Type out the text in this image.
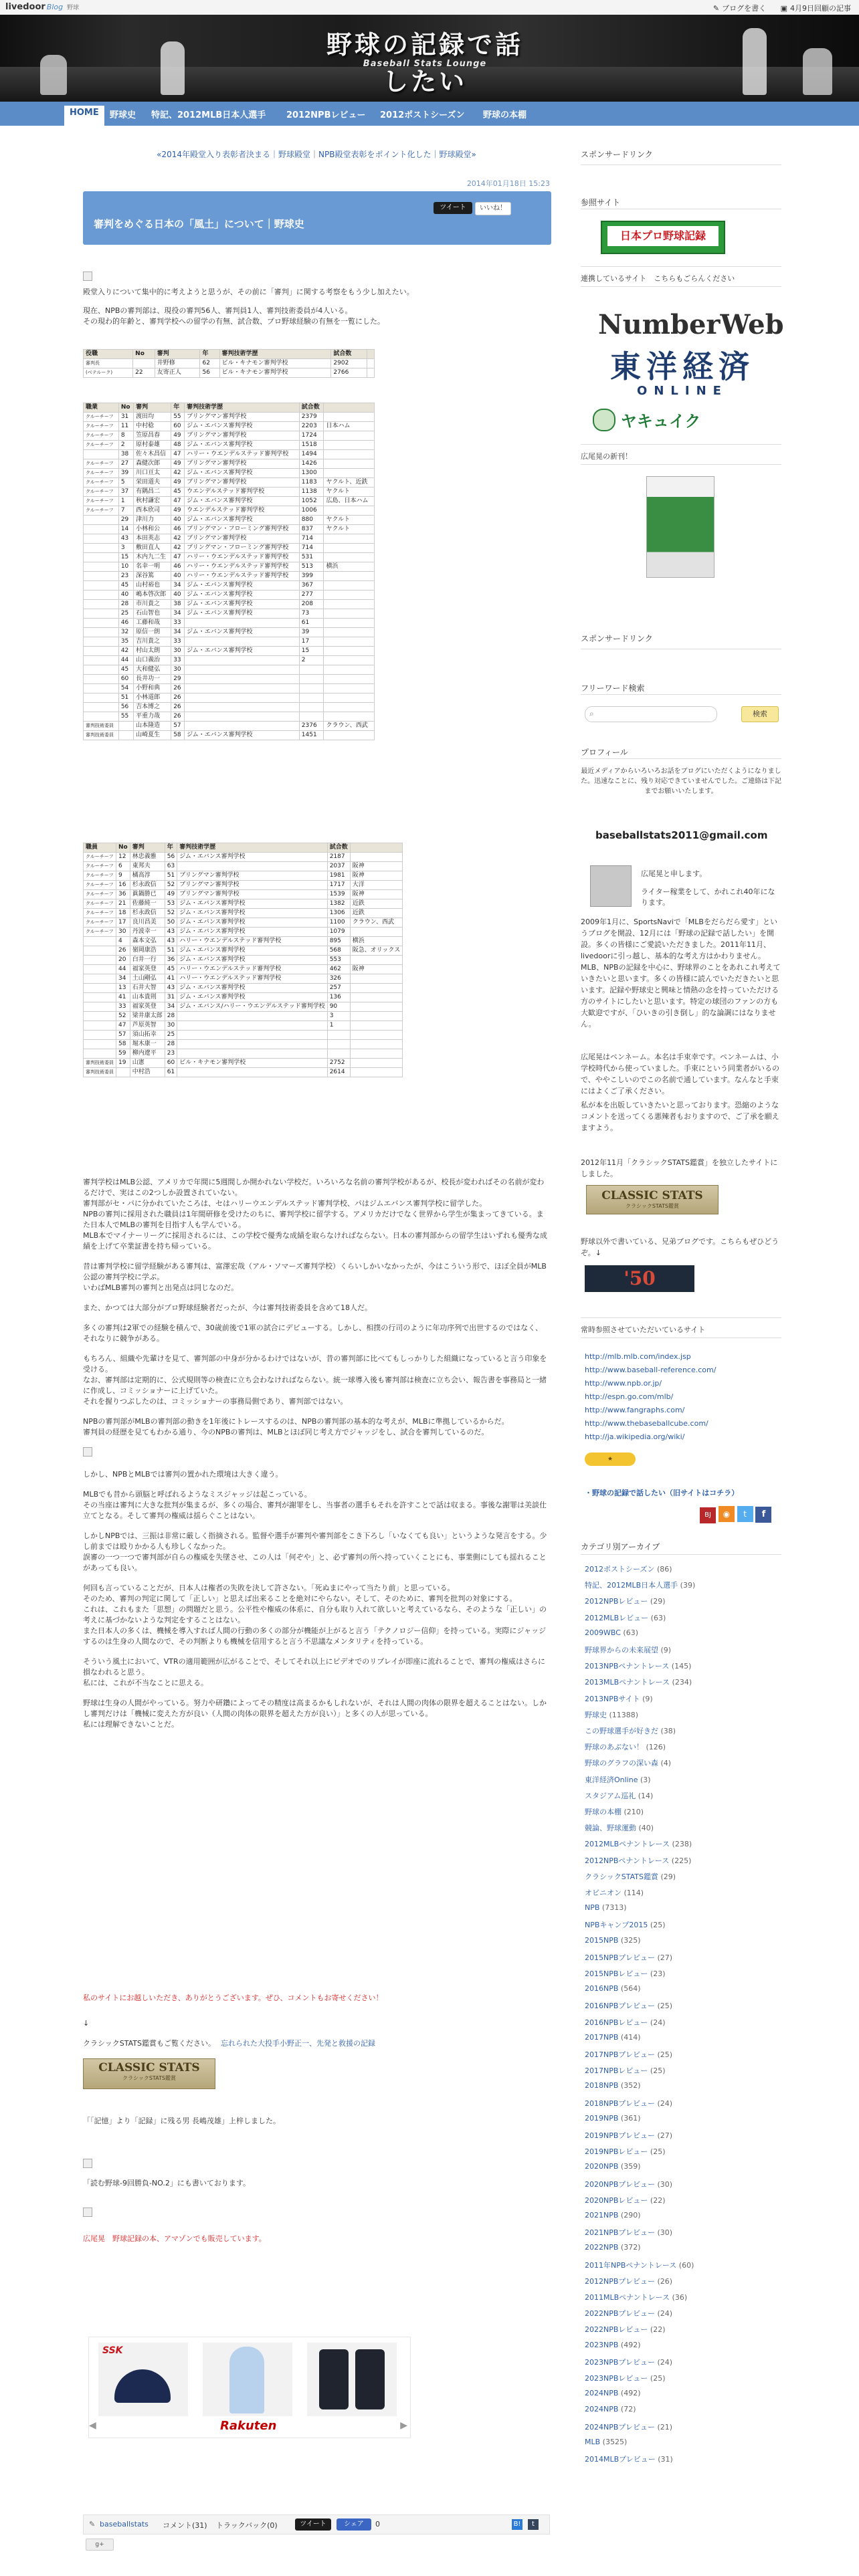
livedoor Blog 野球	✎ ブログを書く ▣ 4月9日回顧の記事
野球の記録で話したい
Baseball Stats Lounge
HOME	野球史 特記、2012MLB日本人選手 2012NPBレビュー 2012ポストシーズン 野球の本棚
«2014年殿堂入り表彰者決まる｜野球殿堂｜NPB殿堂表彰をポイント化した｜野球殿堂»
2014年01月18日 15:23
審判をめぐる日本の「風土」について｜野球史
ツイート	いいね！
殿堂入りについて集中的に考えようと思うが、その前に「審判」に関する考察をもう少し加えたい。
現在、NPBの審判部は、現役の審判56人、審判員1人、審判技術委員が4人いる。
その現わ的年齢と、審判学校への留学の有無、試合数、プロ野球経験の有無を一覧にした。
役職	No	審判	年	審判技術学歴	試合数	
審判長		井野修	62	ビル・キナモン審判学校	2902	
(ベテルーク)	22	友寄正人	56	ビル・キナモン審判学校	2766	
職業	No	審判	年	審判技術学歴	試合数	
クルーチーフ	31	渡田均	55	ブリングマン審判学校	2379	
クルーチーフ	11	中村稔	60	ジム・エバンス審判学校	2203	日本ハム
クルーチーフ	8	笠原昌春	49	ブリングマン審判学校	1724	
クルーチーフ	2	原村泰雄	48	ジム・エバンス審判学校	1518	
	38	佐々木昌信	47	ハリー・ウエンデルステッド審判学校	1494	
クルーチーフ	27	森健次郎	49	ブリングマン審判学校	1426	
クルーチーフ	39	川口亘太	42	ジム・エバンス審判学校	1300	
クルーチーフ	5	栄田道夫	49	ブリングマン審判学校	1183	ヤクルト、近鉄
クルーチーフ	37	有隅昌二	45	ウエンデルステッド審判学校	1138	ヤクルト
クルーチーフ	1	秋村謙宏	47	ジム・エバンス審判学校	1052	広島、日本ハム
クルーチーフ	7	西本欣司	49	ウエンデルステッド審判学校	1006	
	29	津川力	40	ジム・エバンス審判学校	880	ヤクルト
	14	小林和公	46	ブリングマン・フローミング審判学校	837	ヤクルト
	43	本田英志	42	ブリングマン審判学校	714	
	3	敷田直人	42	ブリングマン・フローミング審判学校	714	
	15	木内九二生	47	ハリー・ウエンデルステッド審判学校	531	
	10	名幸一明	46	ハリー・ウエンデルステッド審判学校	513	横浜
	23	深谷篤	40	ハリー・ウエンデルステッド審判学校	399	
	45	山村裕也	34	ジム・エバンス審判学校	367	
	40	嶋本啓次郎	40	ジム・エバンス審判学校	277	
	28	市川貴之	38	ジム・エバンス審判学校	208	
	25	石山智也	34	ジム・エバンス審判学校	73	
	46	工藤和哉	33		61	
	32	原信一朗	34	ジム・エバンス審判学校	39	
	35	吉川貴之	33		17	
	42	村山太朗	30	ジム・エバンス審判学校	15	
	44	山口義治	33		2	
	45	大和健弘	30			
	60	長井功一	29			
	54	小野和典	26			
	51	小林道郎	26			
	56	吉本博之	26			
	55	平重力哉	26			
審判技術委員		山本隆造	57		2376	クラウン、西武
審判技術委員		山崎夏生	58	ジム・エバンス審判学校	1451	
職員	No	審判	年	審判技術学歴	試合数	
クルーチーフ	12	林忠義雅	56	ジム・エバンス審判学校	2187	
クルーチーフ	6	東邦夫	63		2037	阪神
クルーチーフ	9	橘高淳	51	ブリングマン審判学校	1981	阪神
クルーチーフ	16	杉永政信	52	ブリングマン審判学校	1717	大洋
クルーチーフ	36	眞鍋勝已	49	ブリングマン審判学校	1539	阪神
クルーチーフ	21	佐藤純一	53	ジム・エバンス審判学校	1382	近鉄
クルーチーフ	18	杉永政信	52	ジム・エバンス審判学校	1306	近鉄
クルーチーフ	17	良川昌美	50	ジム・エバンス審判学校	1100	クラウン、西武
クルーチーフ	30	丹波幸一	43	ジム・エバンス審判学校	1079	
	4	森本文弘	43	ハリー・ウエンデルステッド審判学校	895	横浜
	26	嶺岡康浩	51	ジム・エバンス審判学校	568	阪急、オリックス
	20	白井一行	36	ジム・エバンス審判学校	553	
	44	福家英登	45	ハリー・ウエンデルステッド審判学校	462	阪神
	34	土山剛弘	41	ハリー・ウエンデルステッド審判学校	326	
	13	石井大智	43	ジム・エバンス審判学校	257	
	41	山本貴則	31	ジム・エバンス審判学校	136	
	33	福家英登	34	ジム・エバンス/ハリー・ウエンデルステッド審判学校	90	
	52	梁井康太郎	28		3	
	47	芦原英智	30		1	
	57	須山拓幸	25			
	58	堀木康一	28			
	59	柳内遼平	23			
審判技術委員	19	山憲	60	ビル・キナモン審判学校	2752	
審判技術委員		中村浩	61		2614	
審判学校はMLB公認、アメリカで年間に5週間しか開かれない学校だ。いろいろな名前の審判学校があるが、校長が変わればその名前が変わるだけで、実はこの2つしか設置されていない。
審判部がセ・パに分かれていたころは、セはハリーウエンデルステッド審判学校、パはジムエバンス審判学校に留学した。
NPBの審判に採用された職員は1年間研修を受けたのちに、審判学校に留学する。アメリカだけでなく世界から学生が集まってきている。また日本人でMLBの審判を目指す人も学んでいる。
MLB本でマイナーリーグに採用されるには、この学校で優秀な成績を取らなければならない。日本の審判部からの留学生はいずれも優秀な成績を上げて卒業証書を持ち帰っている。
昔は審判学校に留学経験がある審判は、富澤宏哉（アル・ソマーズ審判学校）くらいしかいなかったが、今はこういう形で、ほぼ全員がMLB公認の審判学校に学ぶ。
いわばMLB審判の審判と出発点は同じなのだ。
また、かつては大部分がプロ野球経験者だったが、今は審判技術委員を含めて18人だ。
多くの審判は2軍での経験を積んで、30歳前後で1軍の試合にデビューする。しかし、相撲の行司のように年功序列で出世するのではなく、それなりに競争がある。
もちろん、組織や先輩けを見て、審判部の中身が分かるわけではないが、昔の審判部に比べてもしっかりした組織になっていると言う印象を受ける。
なお、審判部は定期的に、公式規則等の検査に立ち会わなければならない。統一球導入後も審判部は検査に立ち会い、報告書を事務局と一緒に作成し、コミッショナーに上げていた。
それを握りつぶしたのは、コミッショナーの事務局側であり、審判部ではない。
NPBの審判部がMLBの審判部の動きを1年後にトレースするのは、NPBの審判部の基本的な考えが、MLBに準拠しているからだ。
審判員の経歴を見てもわかる通り、今のNPBの審判は、MLBとほぼ同じ考え方でジャッジをし、試合を審判しているのだ。
しかし、NPBとMLBでは審判の置かれた環境は大きく違う。
MLBでも昔から頭脳と呼ばれるようなミスジャッジは起こっている。
その当座は審判に大きな批判が集まるが、多くの場合、審判が謝罪をし、当事者の選手もそれを許すことで話は収まる。事後な謝罪は美談仕立てとなる。そして審判の権威は揺らぐことはない。
しかしNPBでは、三振は非常に厳しく指摘される。監督や選手が審判や審判部をこき下ろし「いなくても良い」というような発言をする。少し前までは殴りかかる人も珍しくなかった。
誤審の一つ一つで審判部が自らの権威を失墜させ、この人は「何ぞや」と、必ず審判の所へ持っていくことにも、事業側にしても揺れることがあっても良い。
何回も言っていることだが、日本人は権者の失敗を決して許さない。「死ぬまにやって当たり前」と思っている。
そのため、審判の判定に関して「正しい」と思えば出来ることを絶対にやらない。そして、そのために、審判を批判の対象にする。
これは、これもまた「思想」の問題だと思う。公平性や権威の体系に、自分も取り入れて欲しいと考えているなら、そのような「正しい」の考えに基づかないような判定をすることはない。
また日本人の多くは、機械を導入すれば人間の行動の多くの部分が機能が上がると言う「テクノロジー信仰」を持っている。実際にジャッジするのは生身の人間なので、その判断よりも機械を信用すると言う不思議なメンタリティを持っている。
そういう風土において、VTRの適用範囲が広がることで、そしてそれ以上にビデオでのリプレイが即座に流れることで、審判の権威はさらに損なわれると思う。
私には、これが不当なことに思える。
野球は生身の人間がやっている。努力や研鑽によってその精度は高まるかもしれないが、それは人間の肉体の限界を超えることはない。しかし審判だけは「機械に変えた方が良い（人間の肉体の限界を超えた方が良い）」と多くの人が思っている。
私には理解できないことだ。
私のサイトにお越しいただき、ありがとうございます。ぜひ、コメントもお寄せください！
↓
クラシックSTATS鑑賞もご覧ください。 忘れられた大投手小野正一、先発と救援の記録
CLASSIC STATS
クラシックSTATS鑑賞
「「記憶」より「記録」に残る男 長嶋茂雄」上梓しました。
「読む野球-9回勝負-NO.2」にも書いております。
広尾晃　野球記録の本、アマゾンでも販売しています。
SSK
◀	Rakuten	▶
✎ baseballstats コメント(31) トラックバック(0)	ツイート	シェア	0	B!	t
g+
スポンサードリンク
参照サイト
日本プロ野球記録
連携しているサイト　こちらもごらんください
NumberWeb
東洋経済
ONLINE
ヤキュイク
広尾晃の新刊！
スポンサードリンク
フリーワード検索
⌕	検索
プロフィール
最近メディアからいろいろお話をブログにいただくようになりました。迅速なことに、残り対応できていませんでした。ご連絡は下記までお願いいたします。
baseballstats2011@gmail.com
広尾晃と申します。
ライター稼業をして、かれこれ40年になります。
2009年1月に、SportsNaviで「MLBをだらだら愛す」というブログを開設、12月には「野球の記録で話したい」を開設。多くの皆様にご愛読いただきました。2011年11月、livedoorに引っ越し、基本的な考え方はかわりません。MLB、NPBの記録を中心に、野球界のことをあれこれ考えていきたいと思います。多くの皆様に読んでいただきたいと思います。記録や野球史と興味と情熱の念を持っていただける方のサイトにしたいと思います。特定の球団のファンの方も大歓迎ですが、「ひいきの引き倒し」的な論調にはなりません。
広尾晃はペンネーム。本名は手束幸です。ペンネームは、小学校時代から使っていました。手束にという同業者がいるので、ややこしいのでこの名前で通しています。なんなと手束にはよくご了承ください。
私が本を出版していきたいと思っております。恐縮のようなコメントを送ってくる悪辣者もおりますので、ご了承を願えますよう。
2012年11月「クラシックSTATS鑑賞」を独立したサイトにしました。
CLASSIC STATS
クラシックSTATS鑑賞
野球以外で書いている、兄弟ブログです。こちらもぜひどうぞ。↓
'50
常時参照させていただいているサイト
http://mlb.mlb.com/index.jsp
http://www.baseball-reference.com/
http://www.npb.or.jp/
http://espn.go.com/mlb/
http://www.fangraphs.com/
http://www.thebaseballcube.com/
http://ja.wikipedia.org/wiki/
★
・野球の記録で話したい（旧サイトはコチラ）
BJ ◉ t f
カテゴリ別アーカイブ
2012ポストシーズン (86)
特記、2012MLB日本人選手 (39)
2012NPBレビュー (29)
2012MLBレビュー (63)
2009WBC (63)
野球界からの未来展望 (9)
2013NPBペナントレース (145)
2013MLBペナントレース (234)
2013NPBサイト (9)
野球史 (11388)
この野球選手が好きだ (38)
野球のあぶない！ (126)
野球のグラフの深い森 (4)
東洋経済Online (3)
スタジアム巡礼 (14)
野球の本棚 (210)
競論、野球運動 (40)
2012MLBペナントレース (238)
2012NPBペナントレース (225)
クラシックSTATS鑑賞 (29)
オビニオン (114)
NPB (7313)
NPBキャンプ2015 (25)
2015NPB (325)
2015NPBプレビュー (27)
2015NPBレビュー (23)
2016NPB (564)
2016NPBプレビュー (25)
2016NPBレビュー (24)
2017NPB (414)
2017NPBプレビュー (25)
2017NPBレビュー (25)
2018NPB (352)
2018NPBプレビュー (24)
2019NPB (361)
2019NPBプレビュー (27)
2019NPBレビュー (25)
2020NPB (359)
2020NPBプレビュー (30)
2020NPBレビュー (22)
2021NPB (290)
2021NPBプレビュー (30)
2022NPB (372)
2011年NPBペナントレース (60)
2012NPBプレビュー (26)
2011MLBペナントレース (36)
2022NPBプレビュー (24)
2022NPBレビュー (22)
2023NPB (492)
2023NPBプレビュー (24)
2023NPBレビュー (25)
2024NPB (492)
2024NPB (72)
2024NPBプレビュー (21)
MLB (3525)
2014MLBプレビュー (31)
